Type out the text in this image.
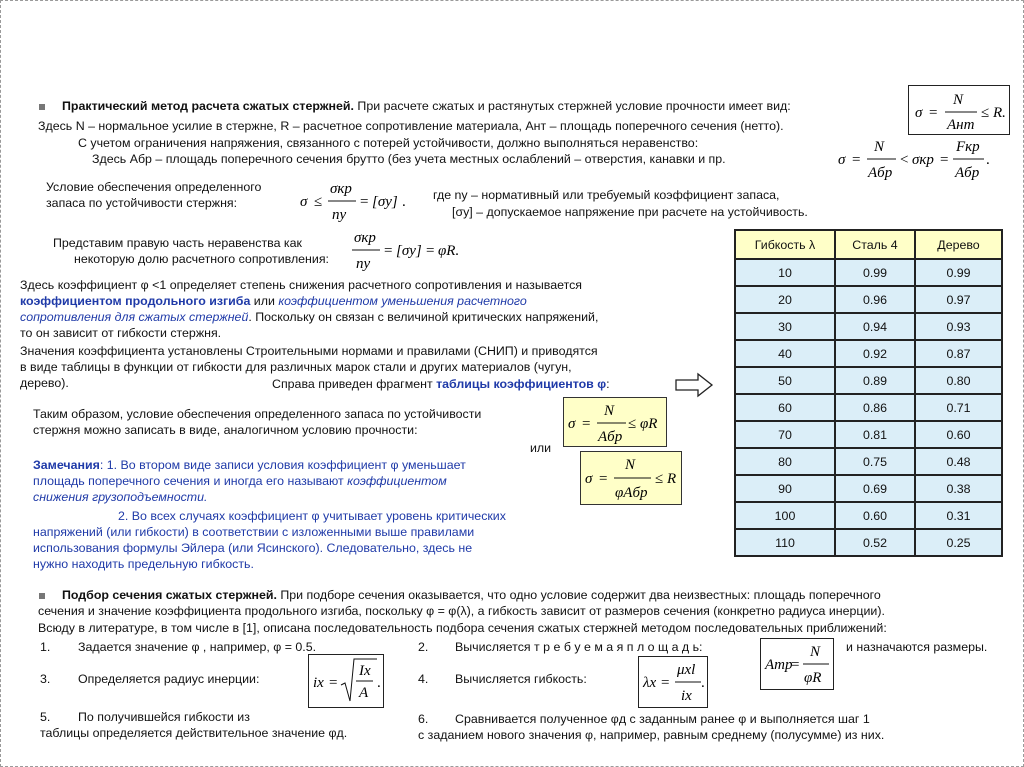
Практический метод расчета сжатых стержней. При расчете сжатых и растянутых стержней условие прочности имеет вид:
Здесь N – нормальное усилие в стержне, R – расчетное сопротивление материала, Aнт – площадь поперечного сечения (нетто).
С учетом ограничения напряжения, связанного с потерей устойчивости, должно выполняться неравенство:
Здесь Aбр – площадь поперечного сечения брутто (без учета местных ослаблений – отверстия, канавки и пр.
σ =
N
Aнт
≤ R.
σ =
N
Aбр
< σкр =
Fкр
Aбр
.
Условие обеспечения определенного
запаса по устойчивости стержня:	σ ≤
σкр
nу
= [σу] . где nу – нормативный или требуемый коэффициент запаса,
[σу] – допускаемое напряжение при расчете на устойчивость.
Представим правую часть неравенства как
некоторую долю расчетного сопротивления:
σкр
nу
= [σу] = φR.
Здесь коэффициент φ <1 определяет степень снижения расчетного сопротивления и называется
коэффициентом продольного изгиба или коэффициентом уменьшения расчетного
сопротивления для сжатых стержней. Поскольку он связан с величиной критических напряжений,
то он зависит от гибкости стержня.
Значения коэффициента установлены Строительными нормами и правилами (СНИП) и приводятся
в виде таблицы в функции от гибкости для различных марок стали и других материалов (чугун,
дерево).	Справа приведен фрагмент таблицы коэффициентов φ:
Таким образом, условие обеспечения определенного запаса по устойчивости
стержня можно записать в виде, аналогичном условию прочности:	σ =
N
Aбр
≤ φR
или
σ =
N
φAбр
≤ R
Замечания: 1. Во втором виде записи условия коэффициент φ уменьшает
площадь поперечного сечения и иногда его называют коэффициентом
снижения грузоподъемности.
2. Во всех случаях коэффициент φ учитывает уровень критических
напряжений (или гибкости) в соответствии с изложенными выше правилами
использования формулы Эйлера (или Ясинского). Следовательно, здесь не
нужно находить предельную гибкость.
Гибкость λ	Сталь 4	Дерево
10	0.99	0.99
20	0.96	0.97
30	0.94	0.93
40	0.92	0.87
50	0.89	0.80
60	0.86	0.71
70	0.81	0.60
80	0.75	0.48
90	0.69	0.38
100	0.60	0.31
110	0.52	0.25
Подбор сечения сжатых стержней. При подборе сечения оказывается, что одно условие содержит два неизвестных: площадь поперечного
сечения и значение коэффициента продольного изгиба, поскольку φ = φ(λ), а гибкость зависит от размеров сечения (конкретно радиуса инерции).
Всюду в литературе, в том числе в [1], описана последовательность подбора сечения сжатых стержней методом последовательных приближений:
1. Задается значение φ , например, φ = 0.5.	2. Вычисляется т р е б у е м а я п л о щ а д ь:	и назначаются размеры.
Aтр
=
N
φR
3. Определяется радиус инерции:	ix =
Ix
A
.	4. Вычисляется гибкость:	λx =
μxl
ix
.
5. По получившейся гибкости из
таблицы определяется действительное значение φд.
6. Сравнивается полученное φд с заданным ранее φ и выполняется шаг 1
с заданием нового значения φ, например, равным среднему (полусумме) из них.
